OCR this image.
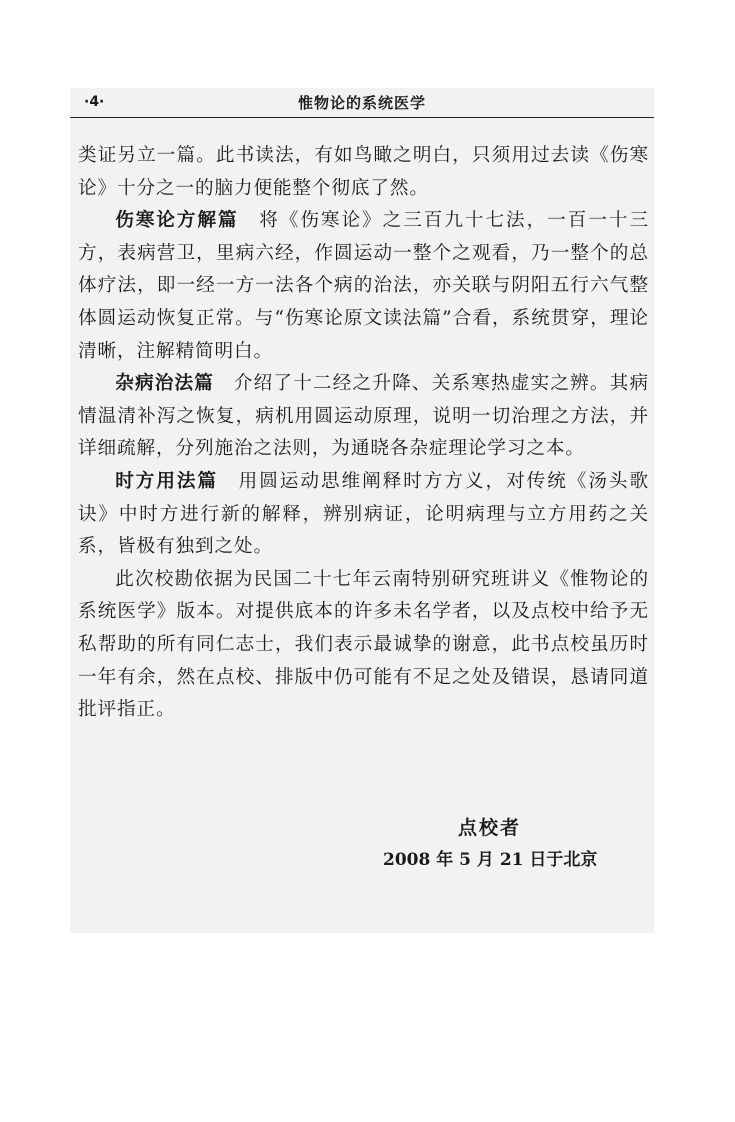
·4·	惟物论的系统医学

类证另立一篇。此书读法，有如鸟瞰之明白，只须用过去读《伤寒论》十分之一的脑力便能整个彻底了然。

伤寒论方解篇　将《伤寒论》之三百九十七法，一百一十三方，表病营卫，里病六经，作圆运动一整个之观看，乃一整个的总体疗法，即一经一方一法各个病的治法，亦关联与阴阳五行六气整体圆运动恢复正常。与“伤寒论原文读法篇”合看，系统贯穿，理论清晰，注解精简明白。

杂病治法篇　介绍了十二经之升降、关系寒热虚实之辨。其病情温清补泻之恢复，病机用圆运动原理，说明一切治理之方法，并详细疏解，分列施治之法则，为通晓各杂症理论学习之本。

时方用法篇　用圆运动思维阐释时方方义，对传统《汤头歌诀》中时方进行新的解释，辨别病证，论明病理与立方用药之关系，皆极有独到之处。

此次校勘依据为民国二十七年云南特别研究班讲义《惟物论的系统医学》版本。对提供底本的许多未名学者，以及点校中给予无私帮助的所有同仁志士，我们表示最诚挚的谢意，此书点校虽历时一年有余，然在点校、排版中仍可能有不足之处及错误，恳请同道批评指正。

点校者
2008 年 5 月 21 日于北京
